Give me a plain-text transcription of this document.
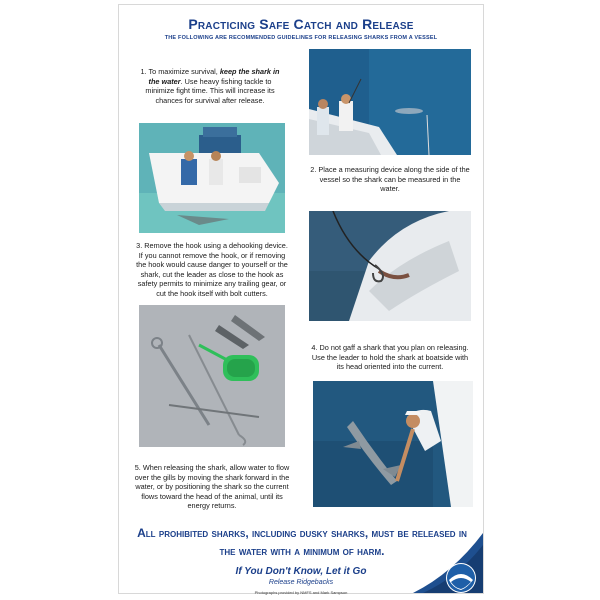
Practicing Safe Catch and Release
THE FOLLOWING ARE RECOMMENDED GUIDELINES FOR RELEASING SHARKS FROM A VESSEL
1. To maximize survival, keep the shark in the water. Use heavy fishing tackle to minimize fight time. This will increase its chances for survival after release.
2. Place a measuring device along the side of the vessel so the shark can be measured in the water.
3. Remove the hook using a dehooking device. If you cannot remove the hook, or if removing the hook would cause danger to yourself or the shark, cut the leader as close to the hook as safety permits to minimize any trailing gear, or cut the hook itself with bolt cutters.
4. Do not gaff a shark that you plan on releasing. Use the leader to hold the shark at boatside with its head oriented into the current.
5. When releasing the shark, allow water to flow over the gills by moving the shark forward in the water, or by positioning the shark so the current flows toward the head of the animal, until its energy returns.
All prohibited sharks, including dusky sharks, must be released in the water with a minimum of harm.
If You Don't Know, Let it Go
Release Ridgebacks
Photographs provided by NMFS and Mark Sampson
